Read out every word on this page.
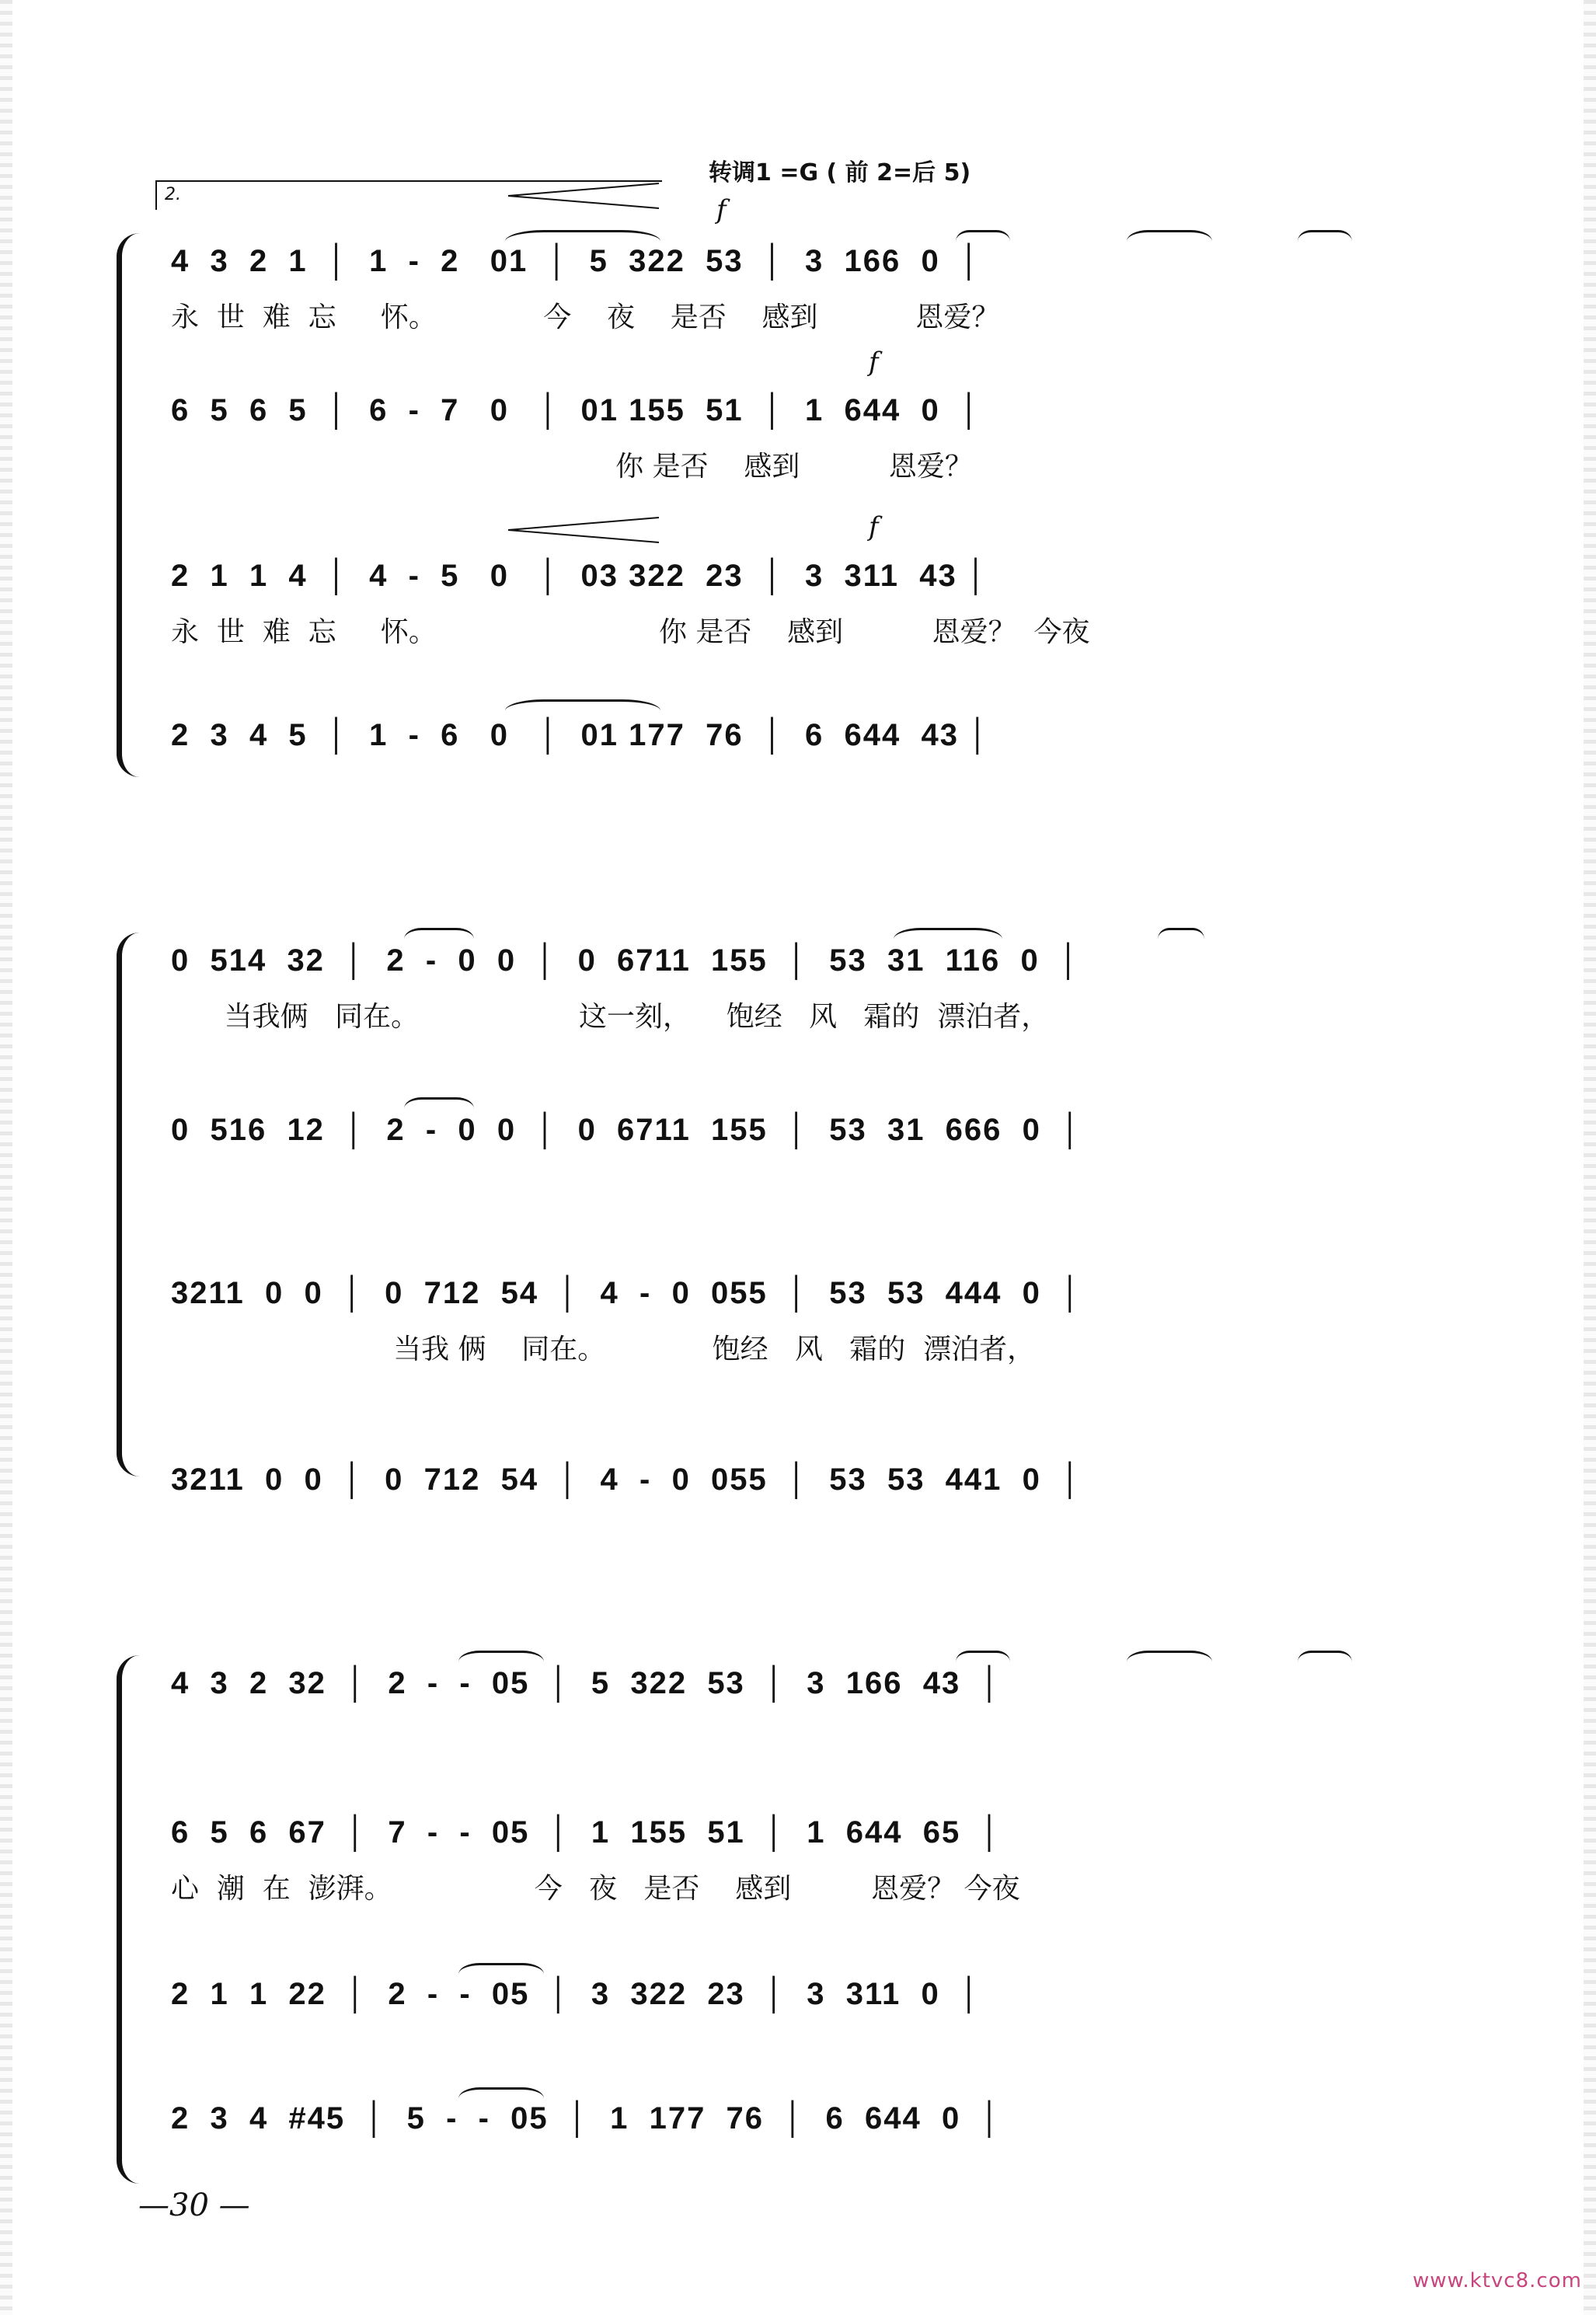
转调1 =G ( 前 2=后 5)
2.	f
f
f
4  3  2  1  │  1  -  2   01  │  5  322  53  │  3  166  0  │
永  世  难  忘     怀。            今    夜    是否    感到           恩爱？
6  5  6  5  │  6  -  7   0   │  01 155  51  │  1  644  0  │
你 是否    感到          恩爱？
2  1  1  4  │  4  -  5   0   │  03 322  23  │  3  311  43 │
永  世  难  忘     怀。                         你 是否    感到          恩爱？  今夜
2  3  4  5  │  1  -  6   0   │  01 177  76  │  6  644  43 │
0  514  32  │  2  -  0  0  │  0  6711  155  │  53  31  116  0  │
当我俩   同在。                  这一刻，    饱经   风   霜的  漂泊者，
0  516  12  │  2  -  0  0  │  0  6711  155  │  53  31  666  0  │
3211  0  0  │  0  712  54  │  4  -  0  055  │  53  53  444  0  │
当我 俩    同在。            饱经   风   霜的  漂泊者，
3211  0  0  │  0  712  54  │  4  -  0  055  │  53  53  441  0  │
4  3  2  32  │  2  -  -  05  │  5  322  53  │  3  166  43  │
6  5  6  67  │  7  -  -  05  │  1  155  51  │  1  644  65  │
心  潮  在  澎湃。                今   夜   是否    感到         恩爱？ 今夜
2  1  1  22  │  2  -  -  05  │  3  322  23  │  3  311  0  │
2  3  4  #45  │  5  -  -  05  │  1  177  76  │  6  644  0  │
—30 —
www.ktvc8.com
